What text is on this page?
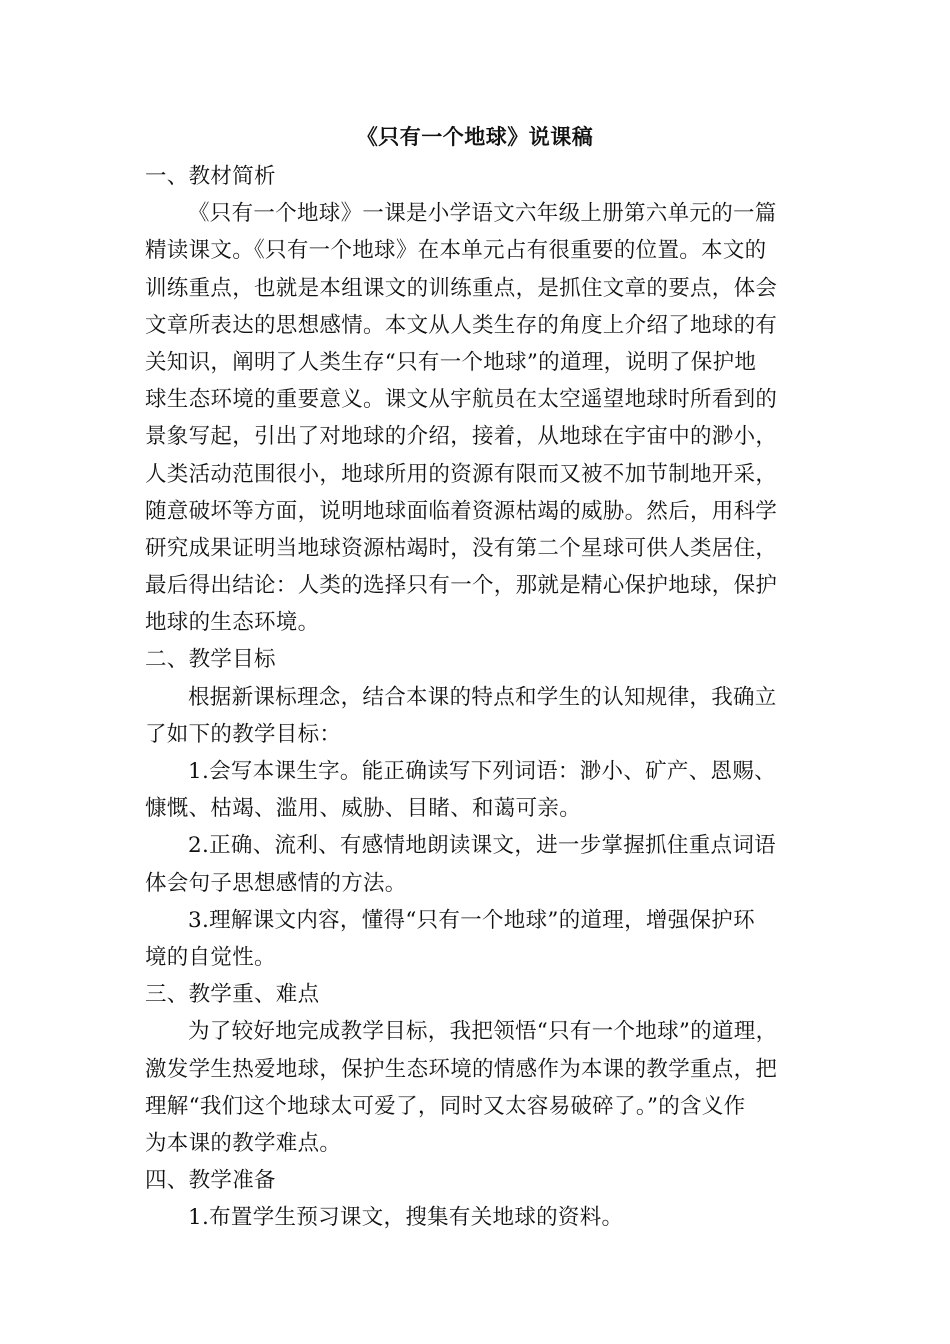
《只有一个地球》说课稿
一、教材简析
《只有一个地球》一课是小学语文六年级上册第六单元的一篇
精读课文。《只有一个地球》在本单元占有很重要的位置。本文的
训练重点，也就是本组课文的训练重点，是抓住文章的要点，体会
文章所表达的思想感情。本文从人类生存的角度上介绍了地球的有
关知识，阐明了人类生存“只有一个地球”的道理，说明了保护地
球生态环境的重要意义。课文从宇航员在太空遥望地球时所看到的
景象写起，引出了对地球的介绍，接着，从地球在宇宙中的渺小，
人类活动范围很小，地球所用的资源有限而又被不加节制地开采，
随意破坏等方面，说明地球面临着资源枯竭的威胁。然后，用科学
研究成果证明当地球资源枯竭时，没有第二个星球可供人类居住，
最后得出结论：人类的选择只有一个，那就是精心保护地球，保护
地球的生态环境。
二、教学目标
根据新课标理念，结合本课的特点和学生的认知规律，我确立
了如下的教学目标：
1.会写本课生字。能正确读写下列词语：渺小、矿产、恩赐、
慷慨、枯竭、滥用、威胁、目睹、和蔼可亲。
2.正确、流利、有感情地朗读课文，进一步掌握抓住重点词语
体会句子思想感情的方法。
3.理解课文内容，懂得“只有一个地球”的道理，增强保护环
境的自觉性。
三、教学重、难点
为了较好地完成教学目标，我把领悟“只有一个地球”的道理，
激发学生热爱地球，保护生态环境的情感作为本课的教学重点，把
理解“我们这个地球太可爱了，同时又太容易破碎了。”的含义作
为本课的教学难点。
四、教学准备
1.布置学生预习课文，搜集有关地球的资料。
